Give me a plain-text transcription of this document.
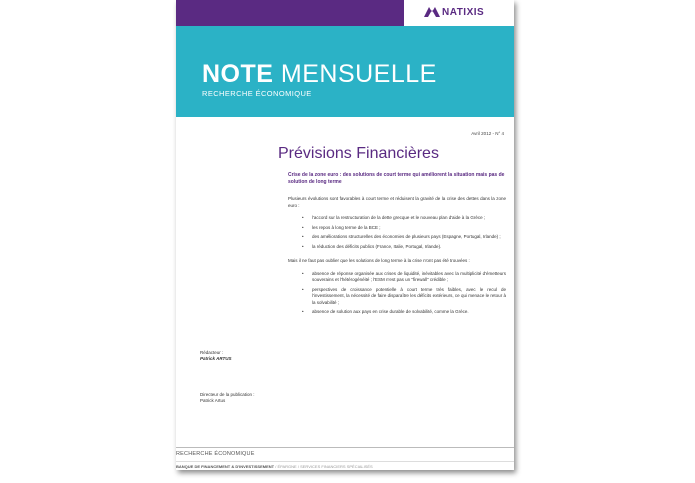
NATIXIS
NOTE MENSUELLE
RECHERCHE ÉCONOMIQUE
Avril 2012 - N° 4
Prévisions Financières

Crise de la zone euro : des solutions de court terme qui améliorent la situation mais pas de solution de long terme

Plusieurs évolutions sont favorables à court terme et réduisent la gravité de la crise des dettes dans la zone euro :

• l'accord sur la restructuration de la dette grecque et le nouveau plan d'aide à la Grèce ;
• les repos à long terme de la BCE ;
• des améliorations structurelles des économies de plusieurs pays (Espagne, Portugal, Irlande) ;
• la réduction des déficits publics (France, Italie, Portugal, Irlande).

Mais il ne faut pas oublier que les solutions de long terme à la crise n'ont pas été trouvées :

• absence de réponse organisée aux crises de liquidité, inévitables avec la multiplicité d'émetteurs souverains et l'hétérogénéité ; l'ESM n'est pas un "firewall" crédible ;
• perspectives de croissance potentielle à court terme très faibles, avec le recul de l'investissement, la nécessité de faire disparaître les déficits extérieurs, ce qui menace le retour à la solvabilité ;
• absence de solution aux pays en crise durable de solvabilité, comme la Grèce.
Rédacteur :
Patrick ARTUS
Directeur de la publication :
Patrick Artus
RECHERCHE ÉCONOMIQUE
BANQUE DE FINANCEMENT & D'INVESTISSEMENT / ÉPARGNE / SERVICES FINANCIERS SPÉCIALISÉS
